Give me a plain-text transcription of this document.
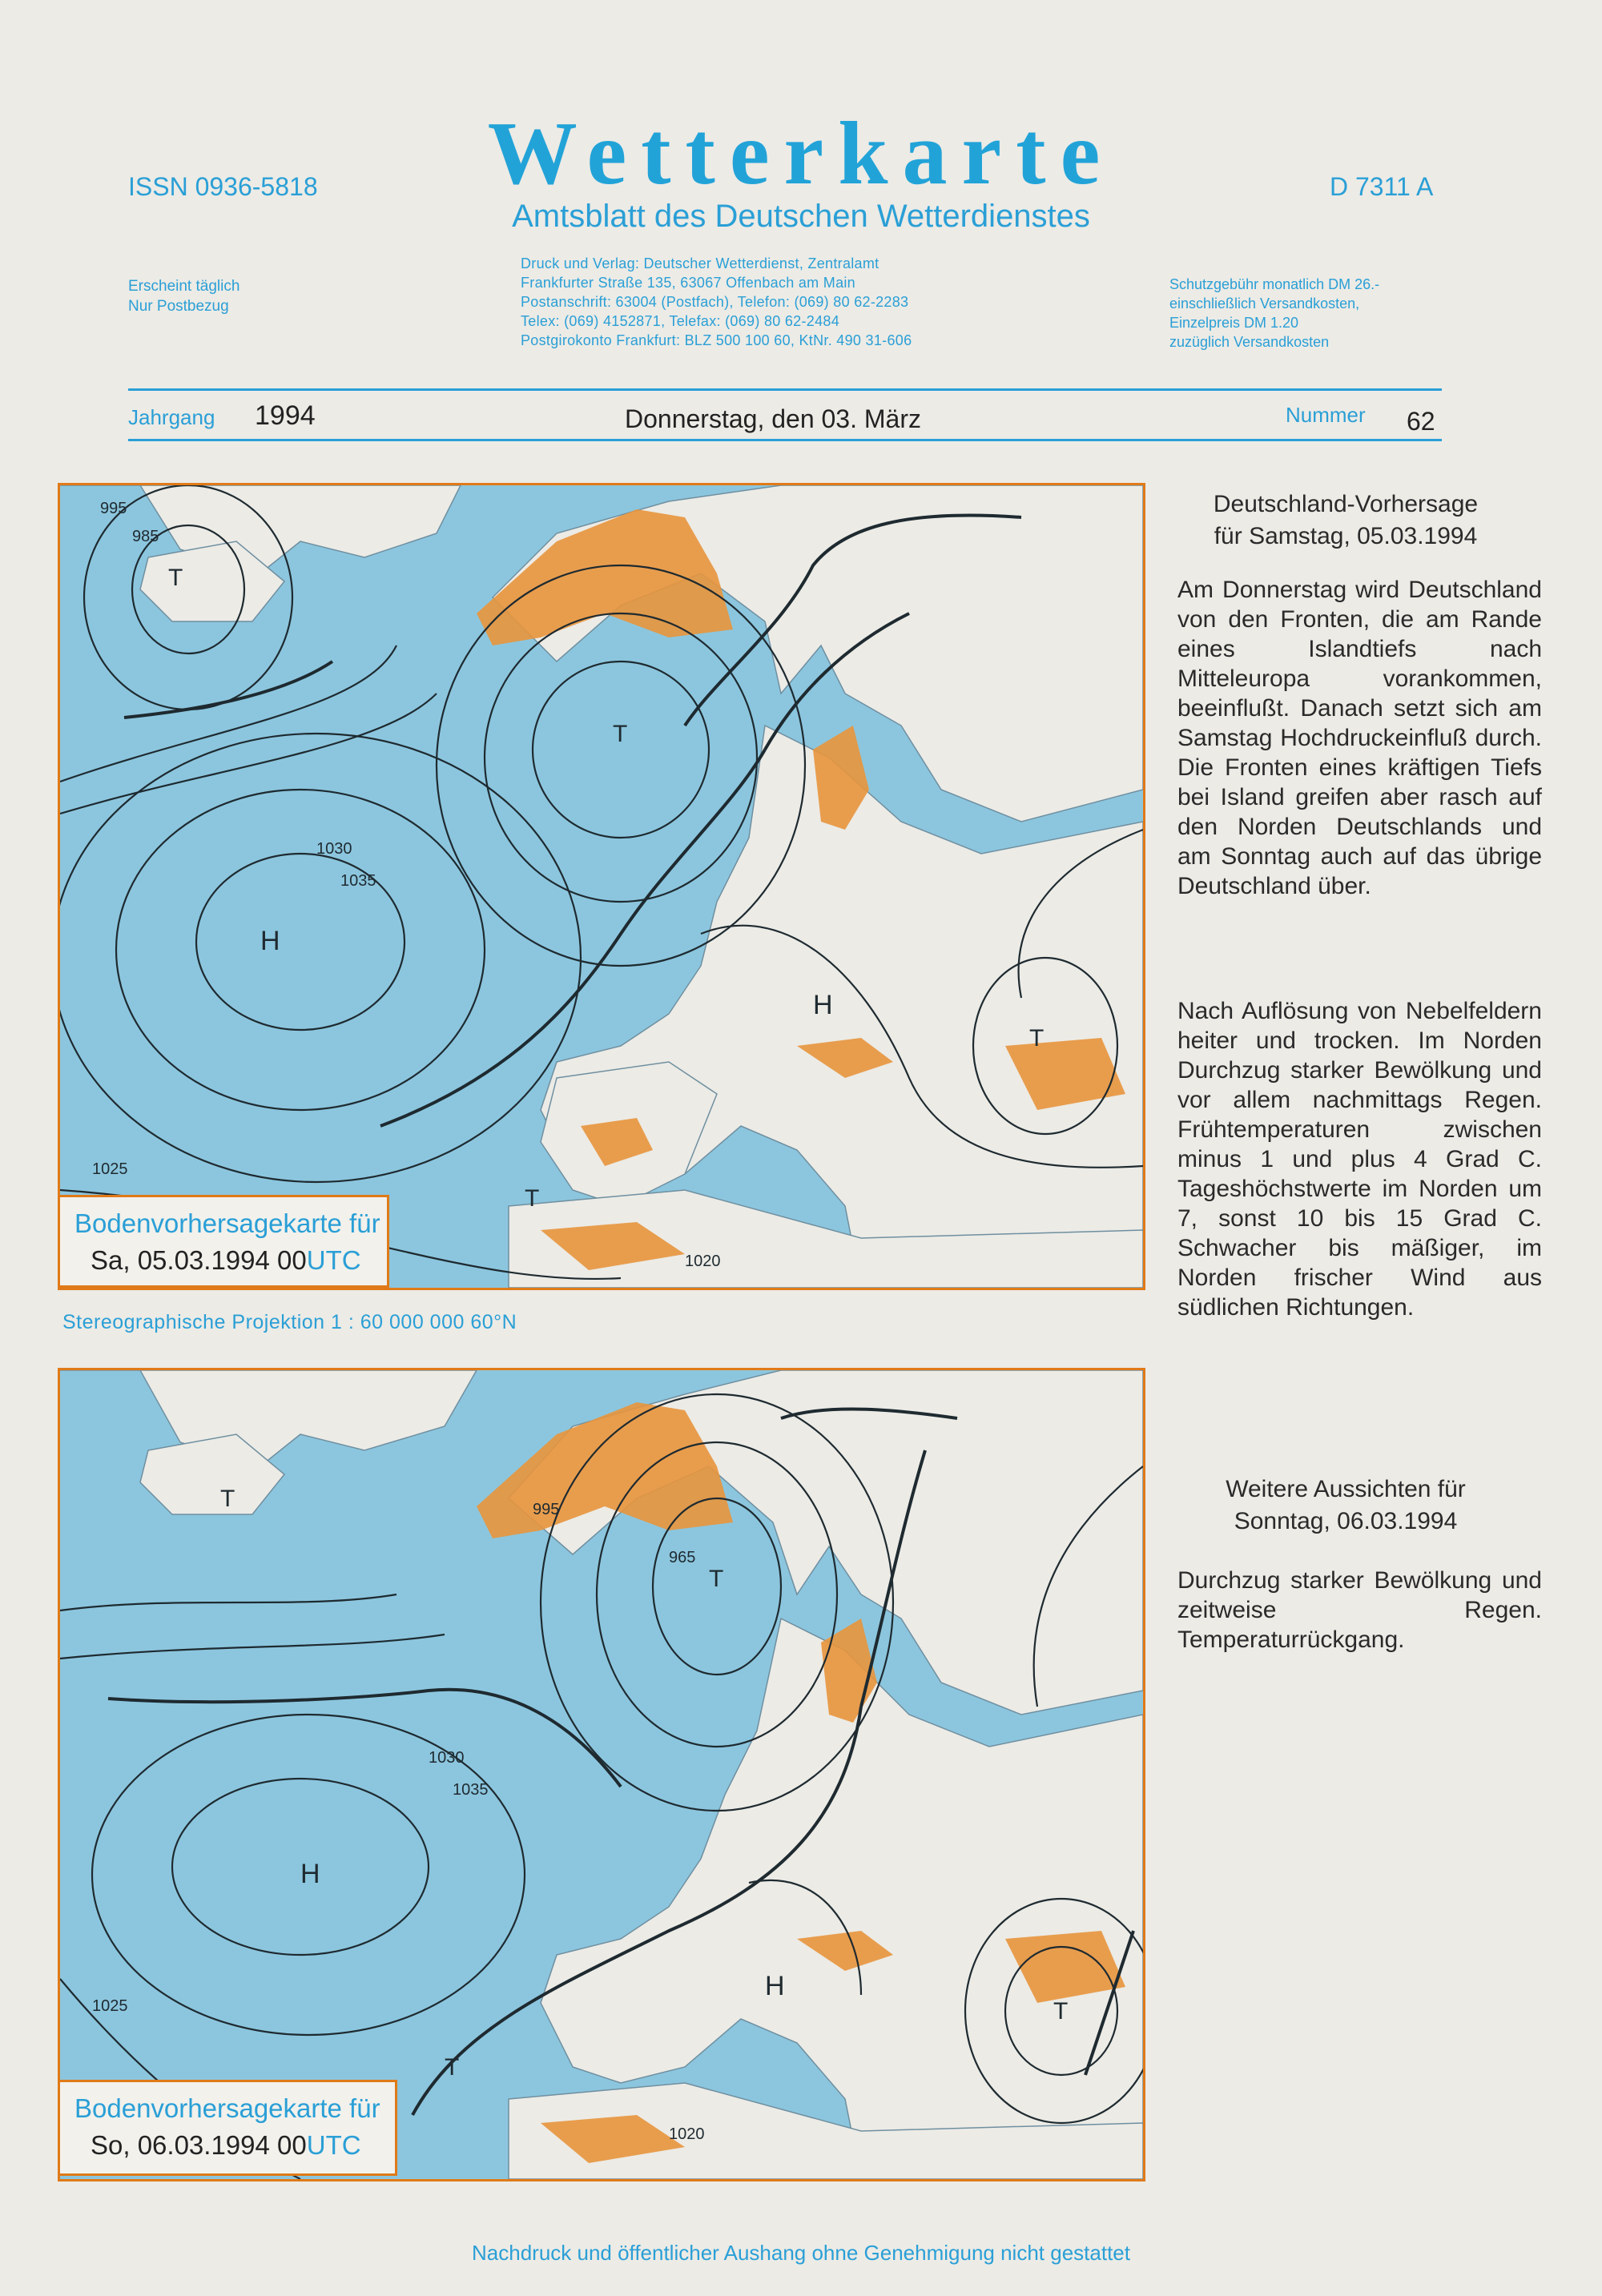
ISSN 0936-5818	Wetterkarte
Amtsblatt des Deutschen Wetterdienstes
D 7311 A
Erscheint täglich
Nur Postbezug
Druck und Verlag: Deutscher Wetterdienst, Zentralamt
Frankfurter Straße 135, 63067 Offenbach am Main
Postanschrift: 63004 (Postfach), Telefon: (069) 80 62-2283
Telex: (069) 4152871, Telefax: (069) 80 62-2484
Postgirokonto Frankfurt: BLZ 500 100 60, KtNr. 490 31-606
Schutzgebühr monatlich DM 26.-
einschließlich Versandkosten,
Einzelpreis DM 1.20
zuzüglich Versandkosten
Jahrgang 1994	Donnerstag, den 03. März	Nummer 62
H
H
T
T
T
T
1030
1035
995
1020
1025
985
Bodenvorhersagekarte für
Sa, 05.03.1994 00UTC
Stereographische Projektion 1 : 60 000 000 60°N
H
H
T
T
T
T
1030
1035
995
1020
1025
965
Bodenvorhersagekarte für
So, 06.03.1994 00UTC
Deutschland-Vorhersage
für Samstag, 05.03.1994
Am Donnerstag wird Deutschland von den Fronten, die am Rande eines Islandtiefs nach Mitteleuropa vorankommen, beeinflußt. Danach setzt sich am Samstag Hochdruckeinfluß durch. Die Fronten eines kräftigen Tiefs bei Island greifen aber rasch auf den Norden Deutschlands und am Sonntag auch auf das übrige Deutschland über.
Nach Auflösung von Nebelfeldern heiter und trocken. Im Norden Durchzug starker Bewölkung und vor allem nachmittags Regen. Frühtemperaturen zwischen minus 1 und plus 4 Grad C. Tageshöchstwerte im Norden um 7, sonst 10 bis 15 Grad C. Schwacher bis mäßiger, im Norden frischer Wind aus südlichen Richtungen.
Weitere Aussichten für
Sonntag, 06.03.1994
Durchzug starker Bewölkung und zeitweise Regen. Temperaturrückgang.
Nachdruck und öffentlicher Aushang ohne Genehmigung nicht gestattet
